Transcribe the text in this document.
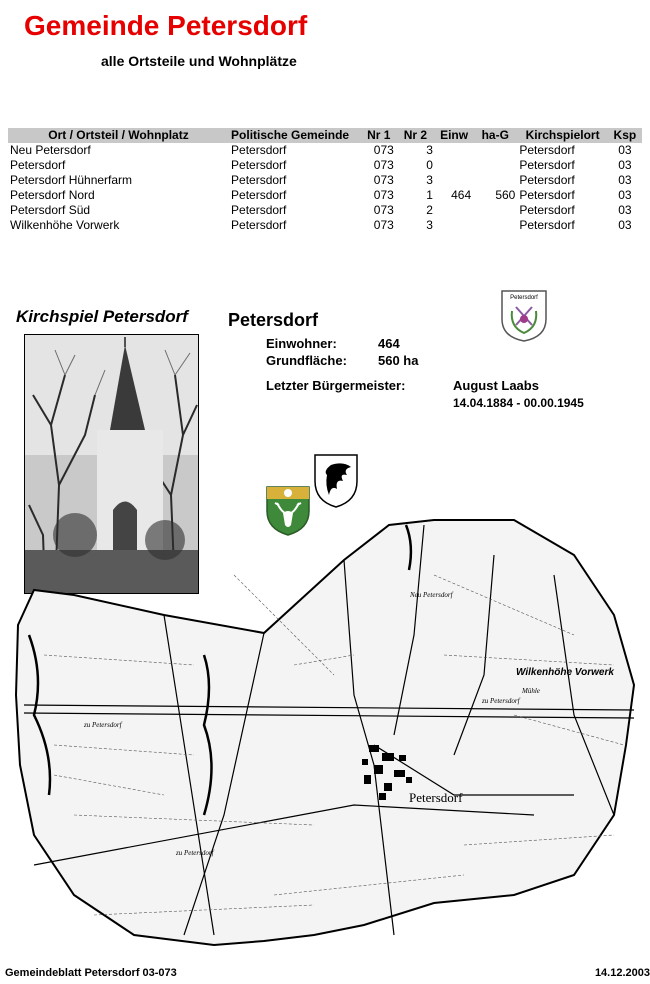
Gemeinde Petersdorf
alle Ortsteile und Wohnplätze
Ort / Ortsteil / Wohnplatz	Politische Gemeinde	Nr 1	Nr 2	Einw	ha-G	Kirchspielort	Ksp
Neu Petersdorf	Petersdorf	073	3			Petersdorf	03
Petersdorf	Petersdorf	073	0			Petersdorf	03
Petersdorf Hühnerfarm	Petersdorf	073	3			Petersdorf	03
Petersdorf Nord	Petersdorf	073	1	464	560	Petersdorf	03
Petersdorf Süd	Petersdorf	073	2			Petersdorf	03
Wilkenhöhe Vorwerk	Petersdorf	073	3			Petersdorf	03
Kirchspiel Petersdorf Petersdorf
Einwohner:	464
Grundfläche: 560 ha
Letzter Bürgermeister:	August Laabs
14.04.1884 - 00.00.1945
Petersdorf
Petersdorf
zu Petersdorf
zu Petersdorf
zu Petersdorf
Neu Petersdorf
Mühle
Wilkenhöhe Vorwerk
Gemeindeblatt Petersdorf 03-073	14.12.2003
